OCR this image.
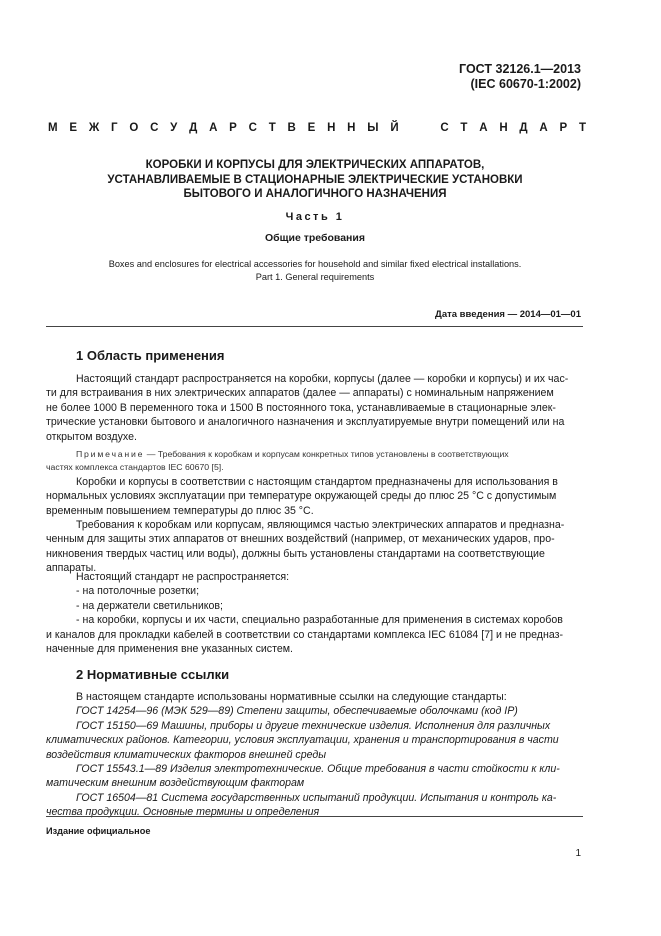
ГОСТ 32126.1—2013
(IEC 60670-1:2002)
М Е Ж Г О С У Д А Р С Т В Е Н Н Ы Й

	С Т А Н Д А Р Т
КОРОБКИ И КОРПУСЫ ДЛЯ ЭЛЕКТРИЧЕСКИХ АППАРАТОВ,
УСТАНАВЛИВАЕМЫЕ В СТАЦИОНАРНЫЕ ЭЛЕКТРИЧЕСКИЕ УСТАНОВКИ
БЫТОВОГО И АНАЛОГИЧНОГО НАЗНАЧЕНИЯ
Часть 1
Общие требования
Boxes and enclosures for electrical accessories for household and similar fixed electrical installations.
Part 1. General requirements
Дата введения — 2014—01—01
1 Область применения
Настоящий стандарт распространяется на коробки, корпусы (далее — коробки и корпусы) и их час-
ти для встраивания в них электрических аппаратов (далее — аппараты) с номинальным напряжением
не более 1000 В переменного тока и 1500 В постоянного тока, устанавливаемые в стационарные элек-
трические установки бытового и аналогичного назначения и эксплуатируемые внутри помещений или на
открытом воздухе.
Примечание — Требования к коробкам и корпусам конкретных типов установлены в соответствующих
частях комплекса стандартов IEC 60670 [5].
Коробки и корпусы в соответствии с настоящим стандартом предназначены для использования в
нормальных условиях эксплуатации при температуре окружающей среды до плюс 25 °С с допустимым
временным повышением температуры до плюс 35 °С.
Требования к коробкам или корпусам, являющимся частью электрических аппаратов и предназна-
ченным для защиты этих аппаратов от внешних воздействий (например, от механических ударов, про-
никновения твердых частиц или воды), должны быть установлены стандартами на соответствующие
аппараты.
Настоящий стандарт не распространяется:
- на потолочные розетки;
- на держатели светильников;
- на коробки, корпусы и их части, специально разработанные для применения в системах коробов
и каналов для прокладки кабелей в соответствии со стандартами комплекса IEC 61084 [7] и не предназ-
наченные для применения вне указанных систем.
2 Нормативные ссылки
В настоящем стандарте использованы нормативные ссылки на следующие стандарты:
ГОСТ 14254—96 (МЭК 529—89) Степени защиты, обеспечиваемые оболочками (код IP)
ГОСТ 15150—69 Машины, приборы и другие технические изделия. Исполнения для различных
климатических районов. Категории, условия эксплуатации, хранения и транспортирования в части
воздействия климатических факторов внешней среды
ГОСТ 15543.1—89 Изделия электротехнические. Общие требования в части стойкости к кли-
матическим внешним воздействующим факторам
ГОСТ 16504—81 Система государственных испытаний продукции. Испытания и контроль ка-
чества продукции. Основные термины и определения
Издание официальное
1
